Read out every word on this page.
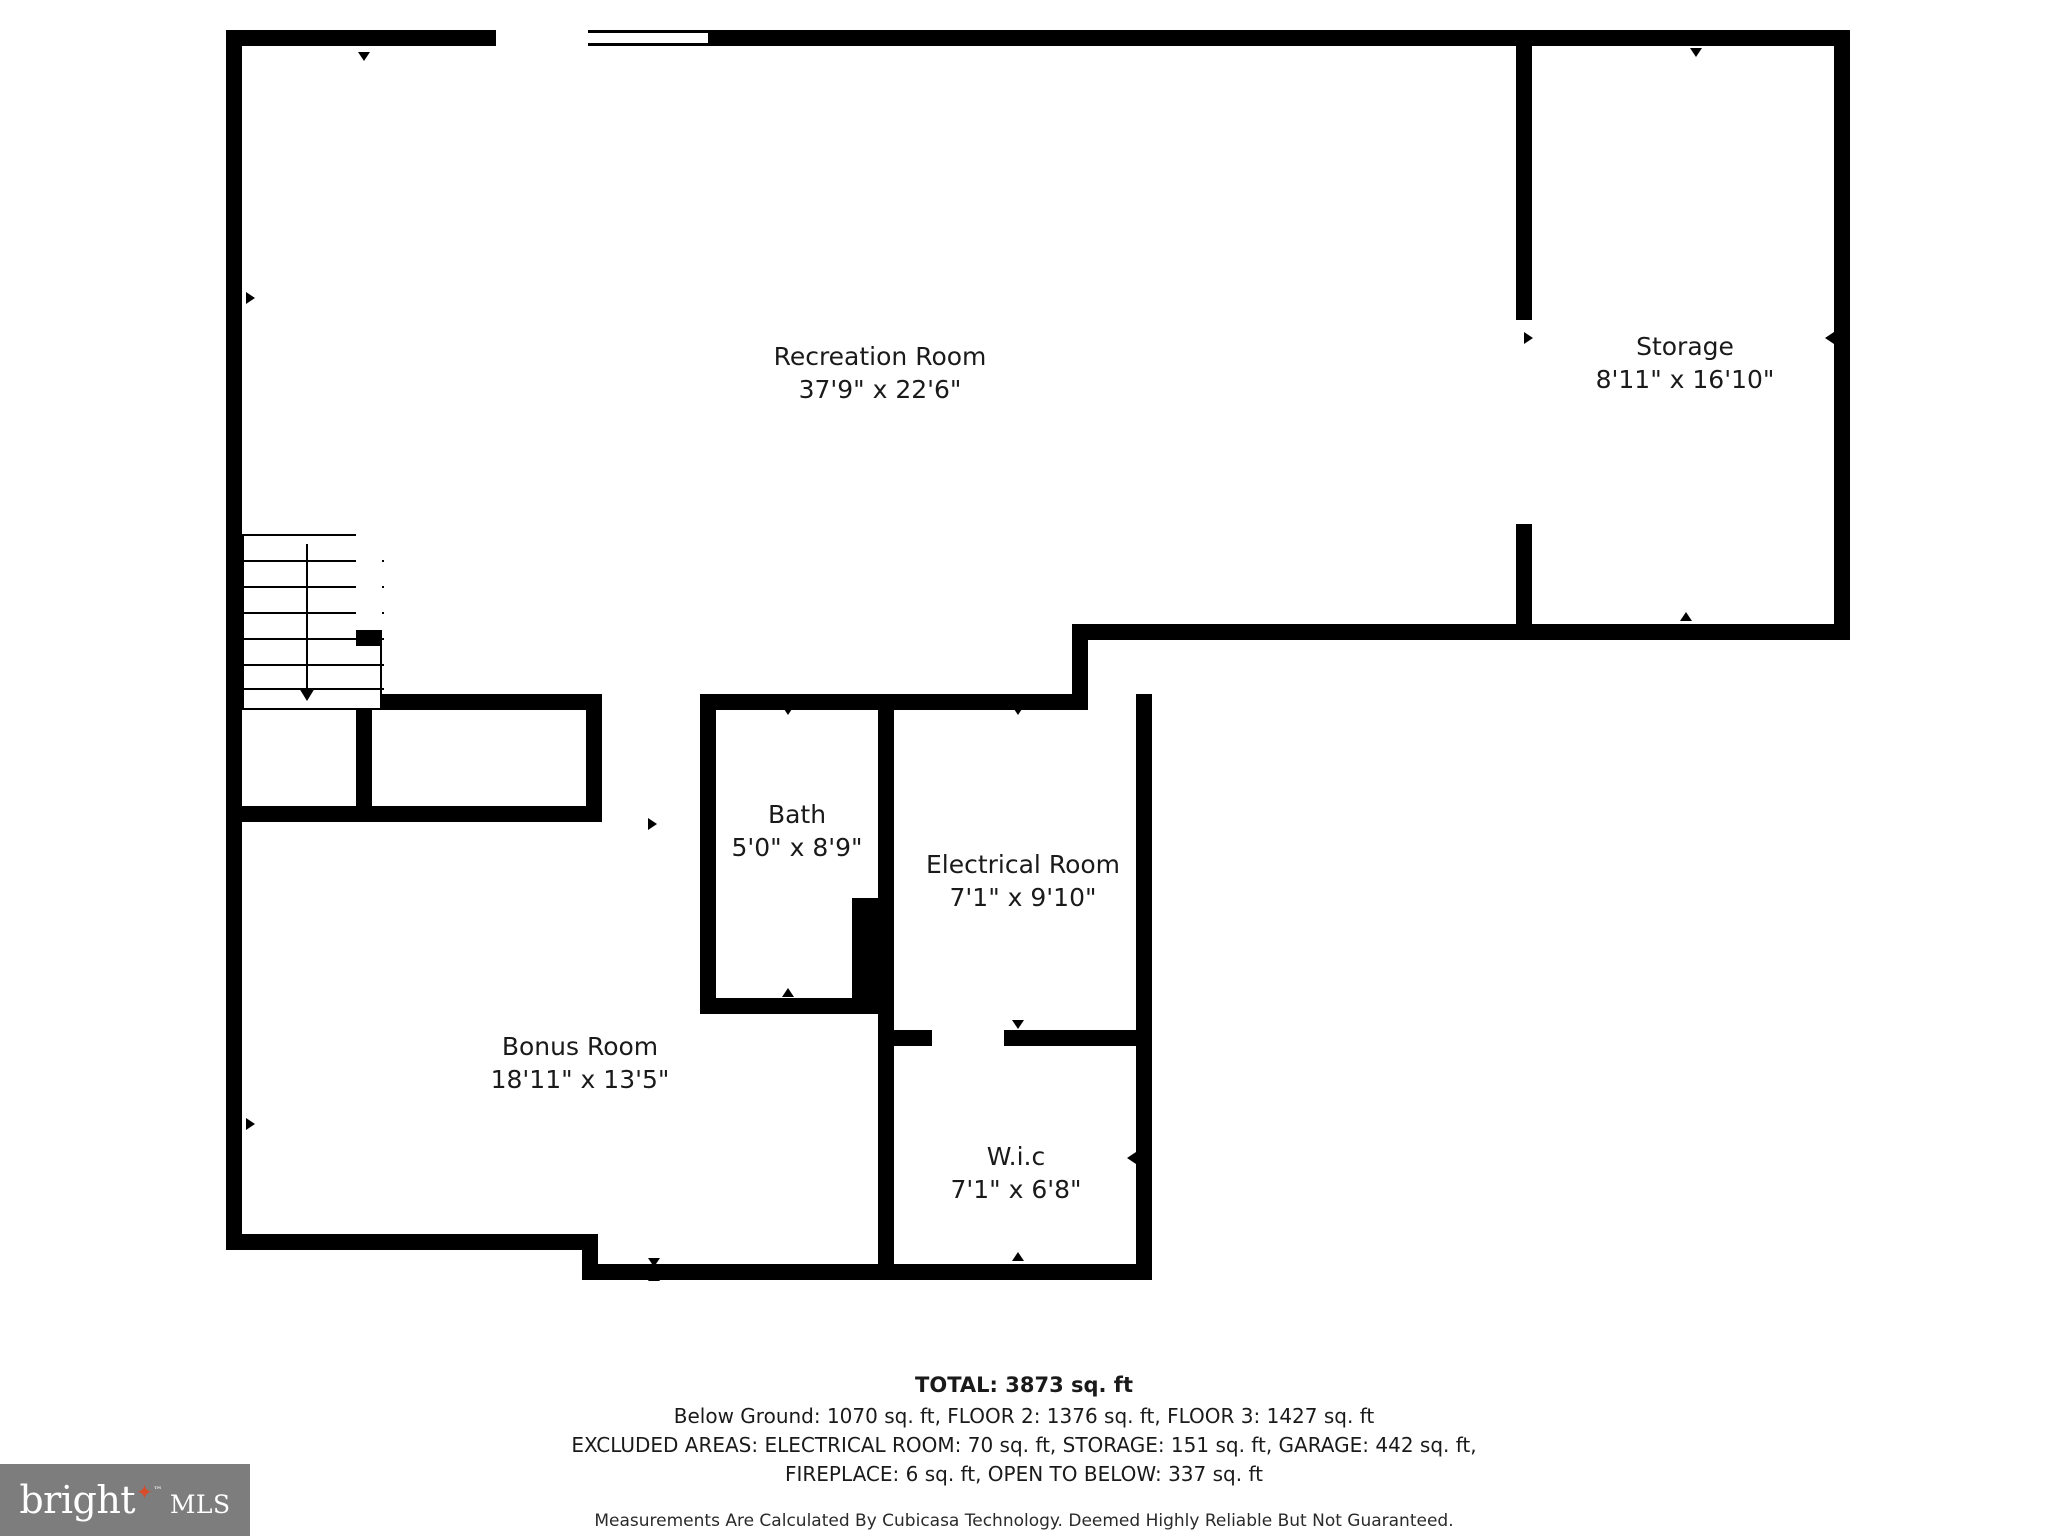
Recreation Room
37'9" x 22'6"
Storage
8'11" x 16'10"
Bath
5'0" x 8'9"
Electrical Room
7'1" x 9'10"
Bonus Room
18'11" x 13'5"
W.i.c
7'1" x 6'8"
TOTAL: 3873 sq. ft
Below Ground: 1070 sq. ft, FLOOR 2: 1376 sq. ft, FLOOR 3: 1427 sq. ft
EXCLUDED AREAS: ELECTRICAL ROOM: 70 sq. ft, STORAGE: 151 sq. ft, GARAGE: 442 sq. ft,
FIREPLACE: 6 sq. ft, OPEN TO BELOW: 337 sq. ft
Measurements Are Calculated By Cubicasa Technology. Deemed Highly Reliable But Not Guaranteed.
bright ✦ ™ MLS
